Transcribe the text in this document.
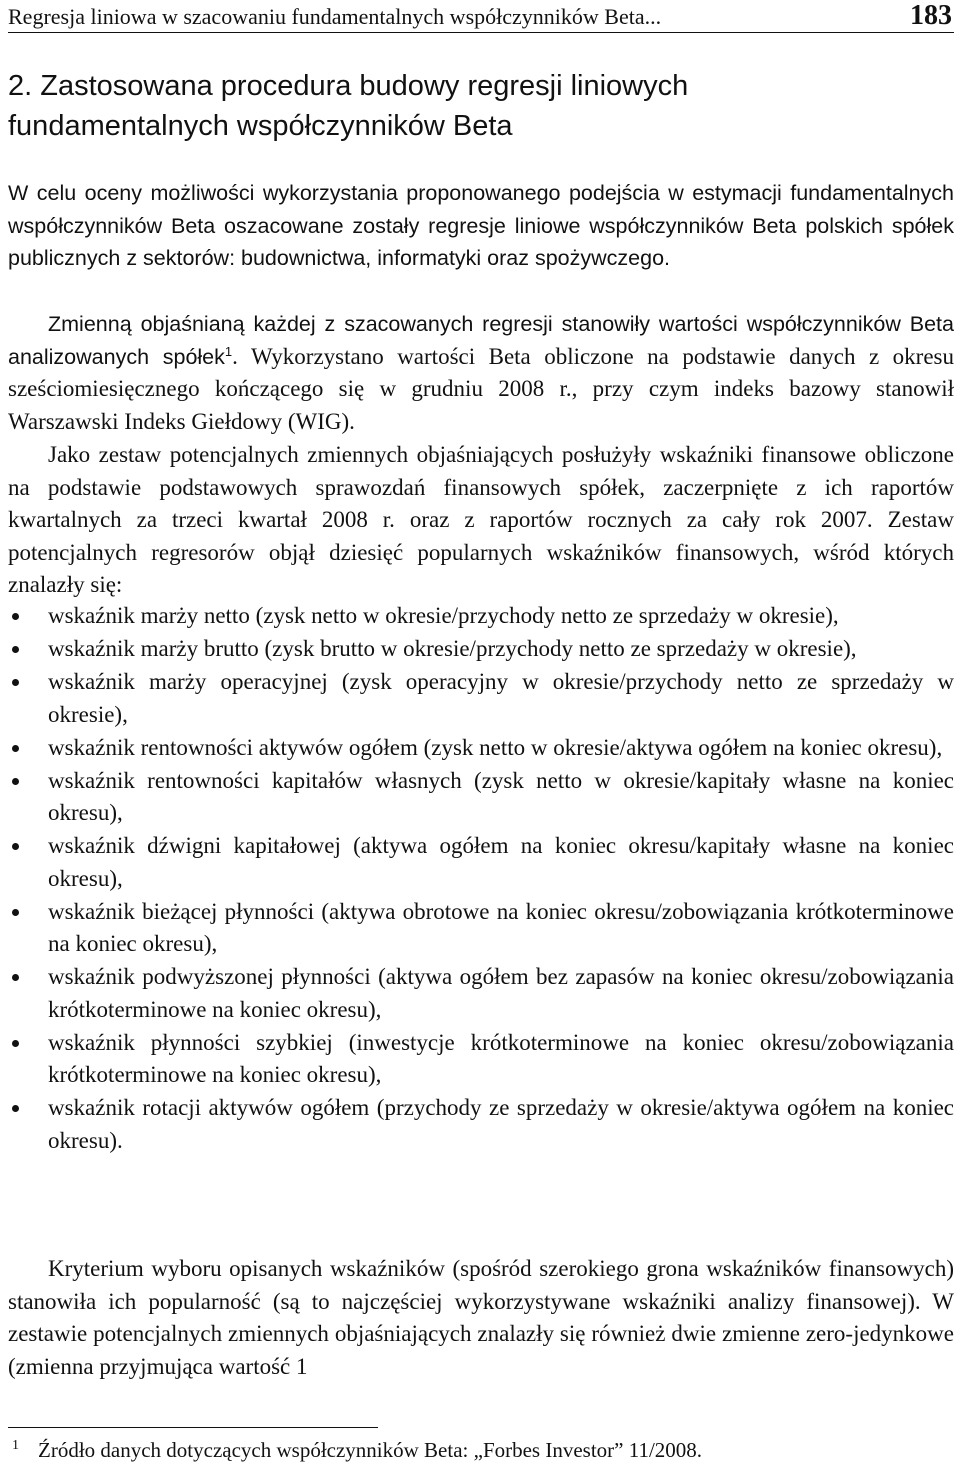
Regresja liniowa w szacowaniu fundamentalnych współczynników Beta...	183
2. Zastosowana procedura budowy regresji liniowych
fundamentalnych współczynników Beta

W celu oceny możliwości wykorzystania proponowanego podejścia w estymacji fundamentalnych współczynników Beta oszacowane zostały regresje liniowe współczynników Beta polskich spółek publicznych z sektorów: budownictwa, informatyki oraz spożywczego.

Zmienną objaśnianą każdej z szacowanych regresji stanowiły wartości współczynników Beta analizowanych spółek$^1$. Wykorzystano wartości Beta obliczone na podstawie danych z okresu sześciomiesięcznego kończącego się w grudniu 2008 r., przy czym indeks bazowy stanowił Warszawski Indeks Giełdowy (WIG).

Jako zestaw potencjalnych zmiennych objaśniających posłużyły wskaźniki finansowe obliczone na podstawie podstawowych sprawozdań finansowych spółek, zaczerpnięte z ich raportów kwartalnych za trzeci kwartał 2008 r. oraz z raportów rocznych za cały rok 2007. Zestaw potencjalnych regresorów objął dziesięć popularnych wskaźników finansowych, wśród których znalazły się:

wskaźnik marży netto (zysk netto w okresie/przychody netto ze sprzedaży w okresie),
wskaźnik marży brutto (zysk brutto w okresie/przychody netto ze sprzedaży w okresie),
wskaźnik marży operacyjnej (zysk operacyjny w okresie/przychody netto ze sprzedaży w okresie),
wskaźnik rentowności aktywów ogółem (zysk netto w okresie/aktywa ogółem na koniec okresu),
wskaźnik rentowności kapitałów własnych (zysk netto w okresie/kapitały własne na koniec okresu),
wskaźnik dźwigni kapitałowej (aktywa ogółem na koniec okresu/kapitały własne na koniec okresu),
wskaźnik bieżącej płynności (aktywa obrotowe na koniec okresu/zobowiązania krótkoterminowe na koniec okresu),
wskaźnik podwyższonej płynności (aktywa ogółem bez zapasów na koniec okresu/zobowiązania krótkoterminowe na koniec okresu),
wskaźnik płynności szybkiej (inwestycje krótkoterminowe na koniec okresu/zobowiązania krótkoterminowe na koniec okresu),
wskaźnik rotacji aktywów ogółem (przychody ze sprzedaży w okresie/aktywa ogółem na koniec okresu).

Kryterium wyboru opisanych wskaźników (spośród szerokiego grona wskaźników finansowych) stanowiła ich popularność (są to najczęściej wykorzystywane wskaźniki analizy finansowej). W zestawie potencjalnych zmiennych objaśniających znalazły się również dwie zmienne zero-jedynkowe (zmienna przyjmująca wartość 1

1 Źródło danych dotyczących współczynników Beta: „Forbes Investor” 11/2008.
